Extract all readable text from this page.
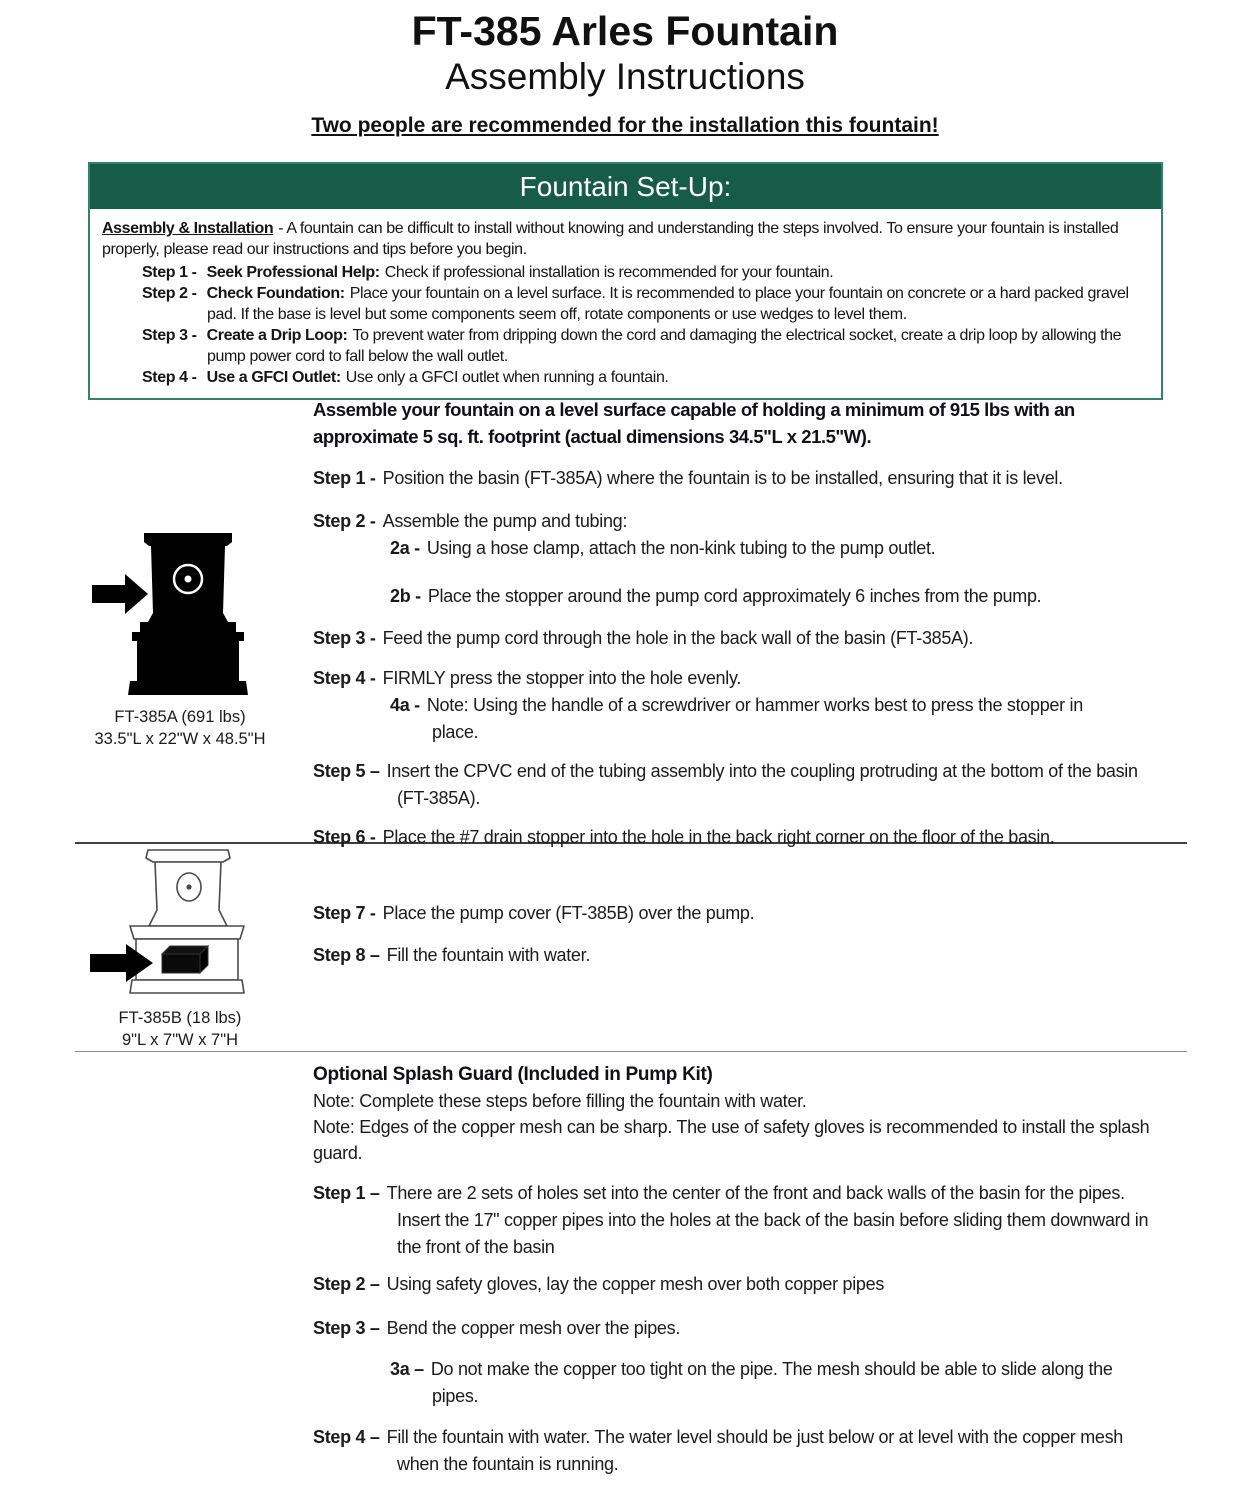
FT-385 Arles Fountain
Assembly Instructions
Two people are recommended for the installation this fountain!
Fountain Set-Up:
Assembly & Installation - A fountain can be difficult to install without knowing and understanding the steps involved. To ensure your fountain is installed properly, please read our instructions and tips before you begin.
Step 1 - Seek Professional Help: Check if professional installation is recommended for your fountain.
Step 2 - Check Foundation: Place your fountain on a level surface. It is recommended to place your fountain on concrete or a hard packed gravel pad. If the base is level but some components seem off, rotate components or use wedges to level them.
Step 3 - Create a Drip Loop: To prevent water from dripping down the cord and damaging the electrical socket, create a drip loop by allowing the pump power cord to fall below the wall outlet.
Step 4 - Use a GFCI Outlet: Use only a GFCI outlet when running a fountain.
FT-385A (691 lbs)
33.5"L x 22"W x 48.5"H
FT-385B (18 lbs)
9"L x 7"W x 7"H
Assemble your fountain on a level surface capable of holding a minimum of 915 lbs with an approximate 5 sq. ft. footprint (actual dimensions 34.5"L x 21.5"W).
Step 1 - Position the basin (FT-385A) where the fountain is to be installed, ensuring that it is level.
Step 2 - Assemble the pump and tubing:
2a - Using a hose clamp, attach the non-kink tubing to the pump outlet.
2b - Place the stopper around the pump cord approximately 6 inches from the pump.
Step 3 - Feed the pump cord through the hole in the back wall of the basin (FT-385A).
Step 4 - FIRMLY press the stopper into the hole evenly.
4a - Note: Using the handle of a screwdriver or hammer works best to press the stopper in place.
Step 5 – Insert the CPVC end of the tubing assembly into the coupling protruding at the bottom of the basin (FT-385A).
Step 6 - Place the #7 drain stopper into the hole in the back right corner on the floor of the basin.
Step 7 - Place the pump cover (FT-385B) over the pump.
Step 8 – Fill the fountain with water.
Optional Splash Guard (Included in Pump Kit)
Note: Complete these steps before filling the fountain with water.
Note: Edges of the copper mesh can be sharp. The use of safety gloves is recommended to install the splash guard.
Step 1 – There are 2 sets of holes set into the center of the front and back walls of the basin for the pipes. Insert the 17" copper pipes into the holes at the back of the basin before sliding them downward in the front of the basin
Step 2 – Using safety gloves, lay the copper mesh over both copper pipes
Step 3 – Bend the copper mesh over the pipes.
3a – Do not make the copper too tight on the pipe. The mesh should be able to slide along the pipes.
Step 4 – Fill the fountain with water. The water level should be just below or at level with the copper mesh when the fountain is running.
